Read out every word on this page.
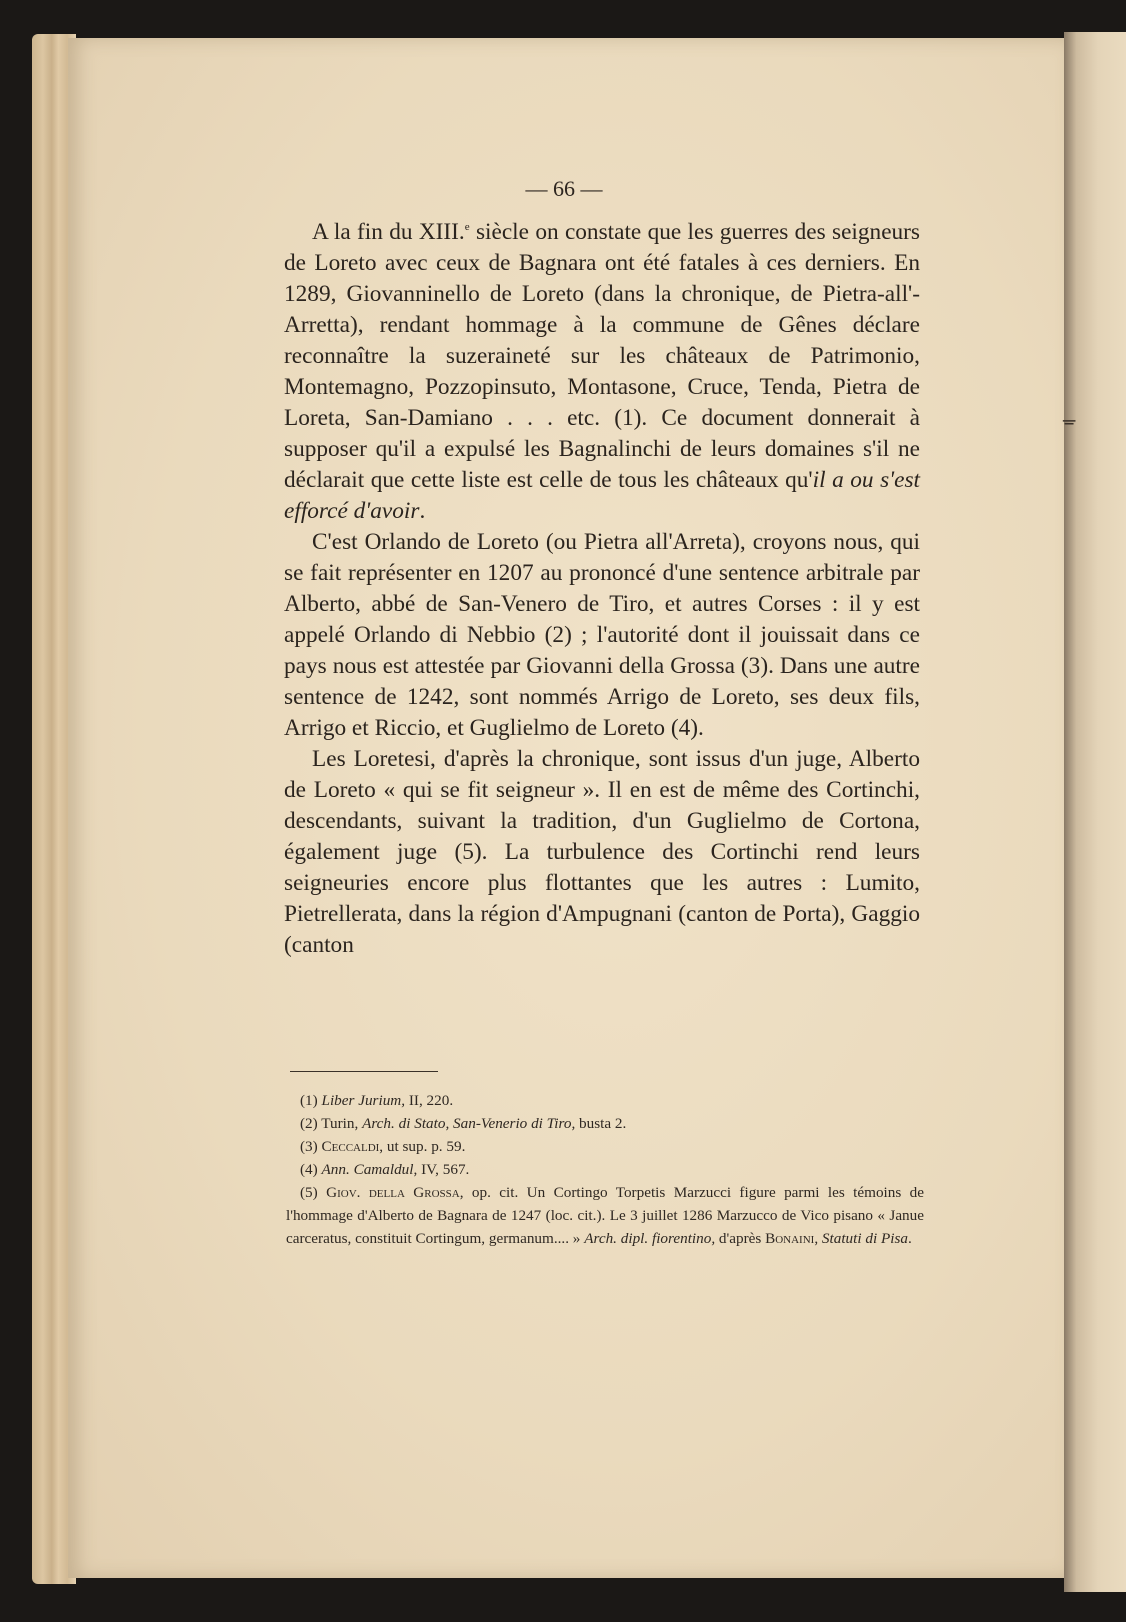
ᚚ
— 66 —

A la fin du XIII.$^e$ siècle on constate que les guerres des seigneurs de Loreto avec ceux de Bagnara ont été fatales à ces derniers. En 1289, Giovanninello de Loreto (dans la chronique, de Pietra-all'-Arretta), rendant hommage à la commune de Gênes déclare reconnaître la suzeraineté sur les châteaux de Patrimonio, Montemagno, Pozzopinsuto, Montasone, Cruce, Tenda, Pietra de Loreta, San-Damiano . . . etc. (1). Ce document donnerait à supposer qu'il a expulsé les Bagnalinchi de leurs domaines s'il ne déclarait que cette liste est celle de tous les châteaux qu'il a ou s'est efforcé d'avoir.

C'est Orlando de Loreto (ou Pietra all'Arreta), croyons nous, qui se fait représenter en 1207 au prononcé d'une sentence arbitrale par Alberto, abbé de San-Venero de Tiro, et autres Corses : il y est appelé Orlando di Nebbio (2) ; l'autorité dont il jouissait dans ce pays nous est attestée par Giovanni della Grossa (3). Dans une autre sentence de 1242, sont nommés Arrigo de Loreto, ses deux fils, Arrigo et Riccio, et Guglielmo de Loreto (4).

Les Loretesi, d'après la chronique, sont issus d'un juge, Alberto de Loreto « qui se fit seigneur ». Il en est de même des Cortinchi, descendants, suivant la tradition, d'un Guglielmo de Cortona, également juge (5). La turbulence des Cortinchi rend leurs seigneuries encore plus flottantes que les autres : Lumito, Pietrellerata, dans la région d'Ampugnani (canton de Porta), Gaggio (canton

(1) Liber Jurium, II, 220.

(2) Turin, Arch. di Stato, San-Venerio di Tiro, busta 2.

(3) Ceccaldi, ut sup. p. 59.

(4) Ann. Camaldul, IV, 567.

(5) Giov. della Grossa, op. cit. Un Cortingo Torpetis Marzucci figure parmi les témoins de l'hommage d'Alberto de Bagnara de 1247 (loc. cit.). Le 3 juillet 1286 Marzucco de Vico pisano « Janue carceratus, constituit Cortingum, germanum.... » Arch. dipl. fiorentino, d'après Bonaini, Statuti di Pisa.
